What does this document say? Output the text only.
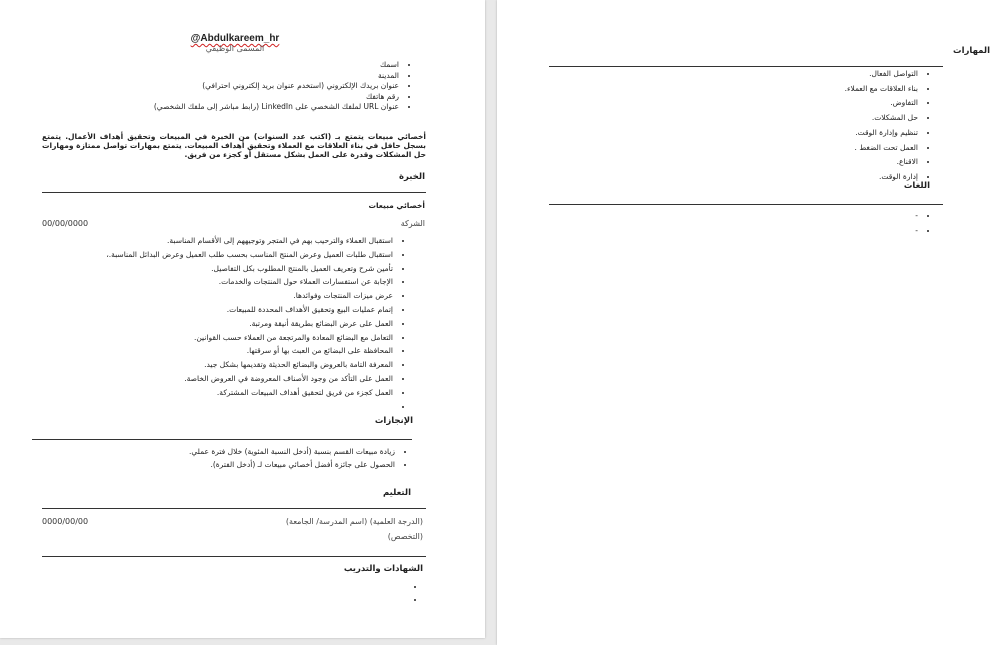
@Abdulkareem_hr
المسمى الوظيفي
• اسمك
• المدينة
• عنوان بريدك الإلكتروني (استخدم عنوان بريد إلكتروني احترافي)
• رقم هاتفك
• عنوان URL لملفك الشخصي على LinkedIn (رابط مباشر إلى ملفك الشخصي)
أخصائي مبيعات يتمتع بـ (اكتب عدد السنوات) من الخبرة في المبيعات وتحقيق أهداف الأعمال. يتمتع بسجل حافل في بناء العلاقات مع العملاء وتحقيق أهداف المبيعات. يتمتع بمهارات تواصل ممتازة ومهارات حل المشكلات وقدرة على العمل بشكل مستقل أو كجزء من فريق.
الخبرة
أخصائي مبيعات
الشركة
00/00/0000
• استقبال العملاء والترحيب بهم في المتجر وتوجيههم إلى الأقسام المناسبة.
• استقبال طلبات العميل وعرض المنتج المناسب بحسب طلب العميل وعرض البدائل المناسبة.،
• تأمين شرح وتعريف العميل بالمنتج المطلوب بكل التفاصيل.
• الإجابة عن استفسارات العملاء حول المنتجات والخدمات.
• عرض ميزات المنتجات وفوائدها.
• إتمام عمليات البيع وتحقيق الأهداف المحددة للمبيعات.
• العمل على عرض البضائع بطريقة أنيقة ومرتبة.
• التعامل مع البضائع المعادة والمرتجعة من العملاء حسب القوانين.
• المحافظة على البضائع من العبث بها أو سرقتها.
• المعرفة التامة بالعروض والبضائع الحديثة وتقديمها بشكل جيد.
• العمل على التأكد من وجود الأصناف المعروضة في العروض الخاصة.
• العمل كجزء من فريق لتحقيق أهداف المبيعات المشتركة.
•
الإنجازات
• زيادة مبيعات القسم بنسبة (أدخل النسبة المئوية) خلال فترة عملي.
• الحصول على جائزة أفضل أخصائي مبيعات لـ (أدخل الفترة).
التعليم
(الدرجة العلمية) (اسم المدرسة/ الجامعة)
0000/00/00
(التخصص)
الشهادات والتدريب
•
•
المهارات
• التواصل الفعال.
• بناء العلاقات مع العملاء.
• التفاوض.
• حل المشكلات.
• تنظيم وإدارة الوقت.
• العمل تحت الضغط .
• الاقناع.
• إدارة الوقت.
اللغات
• -
• -
